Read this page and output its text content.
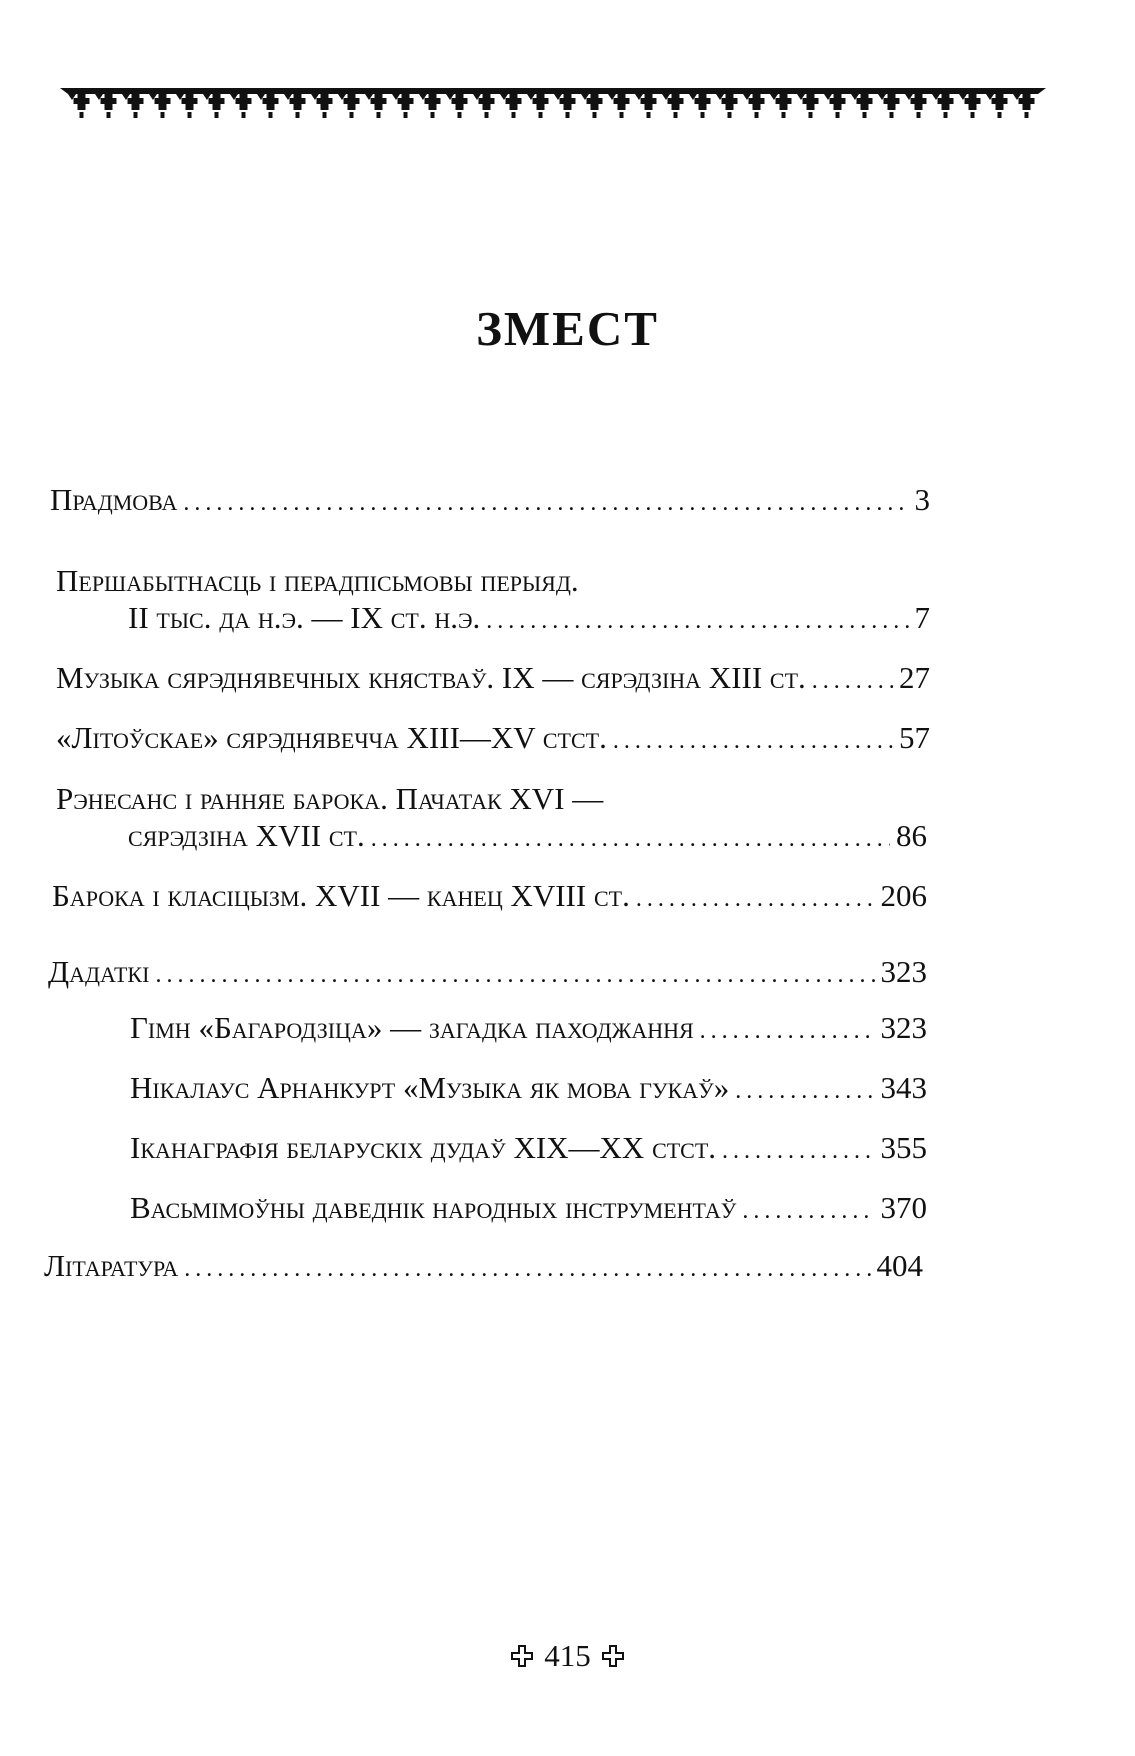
ЗМЕСТ
Прадмова . . .	3
Першабытнасць і перадпісьмовы перыяд.
II тыс. да н.э. — IX ст. н.э. . . .	7
Музыка сярэднявечных княстваў. IX — сярэдзіна XIII ст. . . .	27
«Літоўскае» сярэднявечча XIII—XV стст. . . .	57
Рэнесанс і ранняе барока. Пачатак XVI —
сярэдзіна XVII ст. . . .	86
Барока і класіцызм. XVII — канец XVIII ст. . . .	206
Дадаткі . . .	323
Гімн «Багародзіца» — загадка паходжання . . .	323
Нікалаус Арнанкурт «Музыка як мова гукаў» . . .	343
Іканаграфія беларускіх дудаў XIX—XX стст. . . .	355
Васьмімоўны даведнік народных інструментаў . . .	370
Літаратура . . .	404
415
